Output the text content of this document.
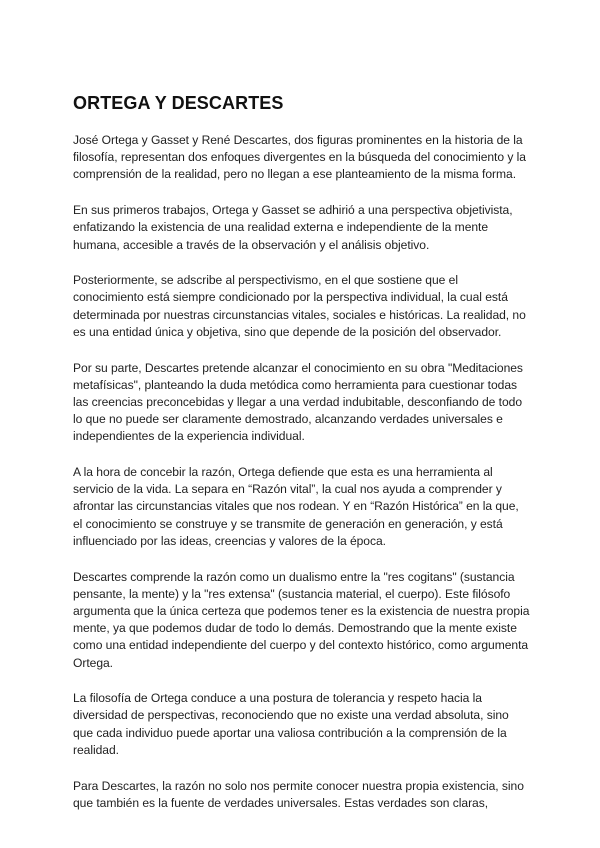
ORTEGA Y DESCARTES

José Ortega y Gasset y René Descartes, dos figuras prominentes en la historia de la filosofía, representan dos enfoques divergentes en la búsqueda del conocimiento y la comprensión de la realidad, pero no llegan a ese planteamiento de la misma forma.

En sus primeros trabajos, Ortega y Gasset se adhirió a una perspectiva objetivista, enfatizando la existencia de una realidad externa e independiente de la mente humana, accesible a través de la observación y el análisis objetivo.

Posteriormente, se adscribe al perspectivismo, en el que sostiene que el conocimiento está siempre condicionado por la perspectiva individual, la cual está determinada por nuestras circunstancias vitales, sociales e históricas. La realidad, no es una entidad única y objetiva, sino que depende de la posición del observador.

Por su parte, Descartes pretende alcanzar el conocimiento en su obra "Meditaciones metafísicas", planteando la duda metódica como herramienta para cuestionar todas las creencias preconcebidas y llegar a una verdad indubitable, desconfiando de todo lo que no puede ser claramente demostrado, alcanzando verdades universales e independientes de la experiencia individual.

A la hora de concebir la razón, Ortega defiende que esta es una herramienta al servicio de la vida. La separa en “Razón vital”, la cual nos ayuda a comprender y afrontar las circunstancias vitales que nos rodean. Y en “Razón Histórica” en la que, el conocimiento se construye y se transmite de generación en generación, y está influenciado por las ideas, creencias y valores de la época.

Descartes comprende la razón como un dualismo entre la "res cogitans" (sustancia pensante, la mente) y la "res extensa" (sustancia material, el cuerpo). Este filósofo argumenta que la única certeza que podemos tener es la existencia de nuestra propia mente, ya que podemos dudar de todo lo demás. Demostrando que la mente existe como una entidad independiente del cuerpo y del contexto histórico, como argumenta Ortega.

La filosofía de Ortega conduce a una postura de tolerancia y respeto hacia la diversidad de perspectivas, reconociendo que no existe una verdad absoluta, sino que cada individuo puede aportar una valiosa contribución a la comprensión de la realidad.

Para Descartes, la razón no solo nos permite conocer nuestra propia existencia, sino que también es la fuente de verdades universales. Estas verdades son claras,
